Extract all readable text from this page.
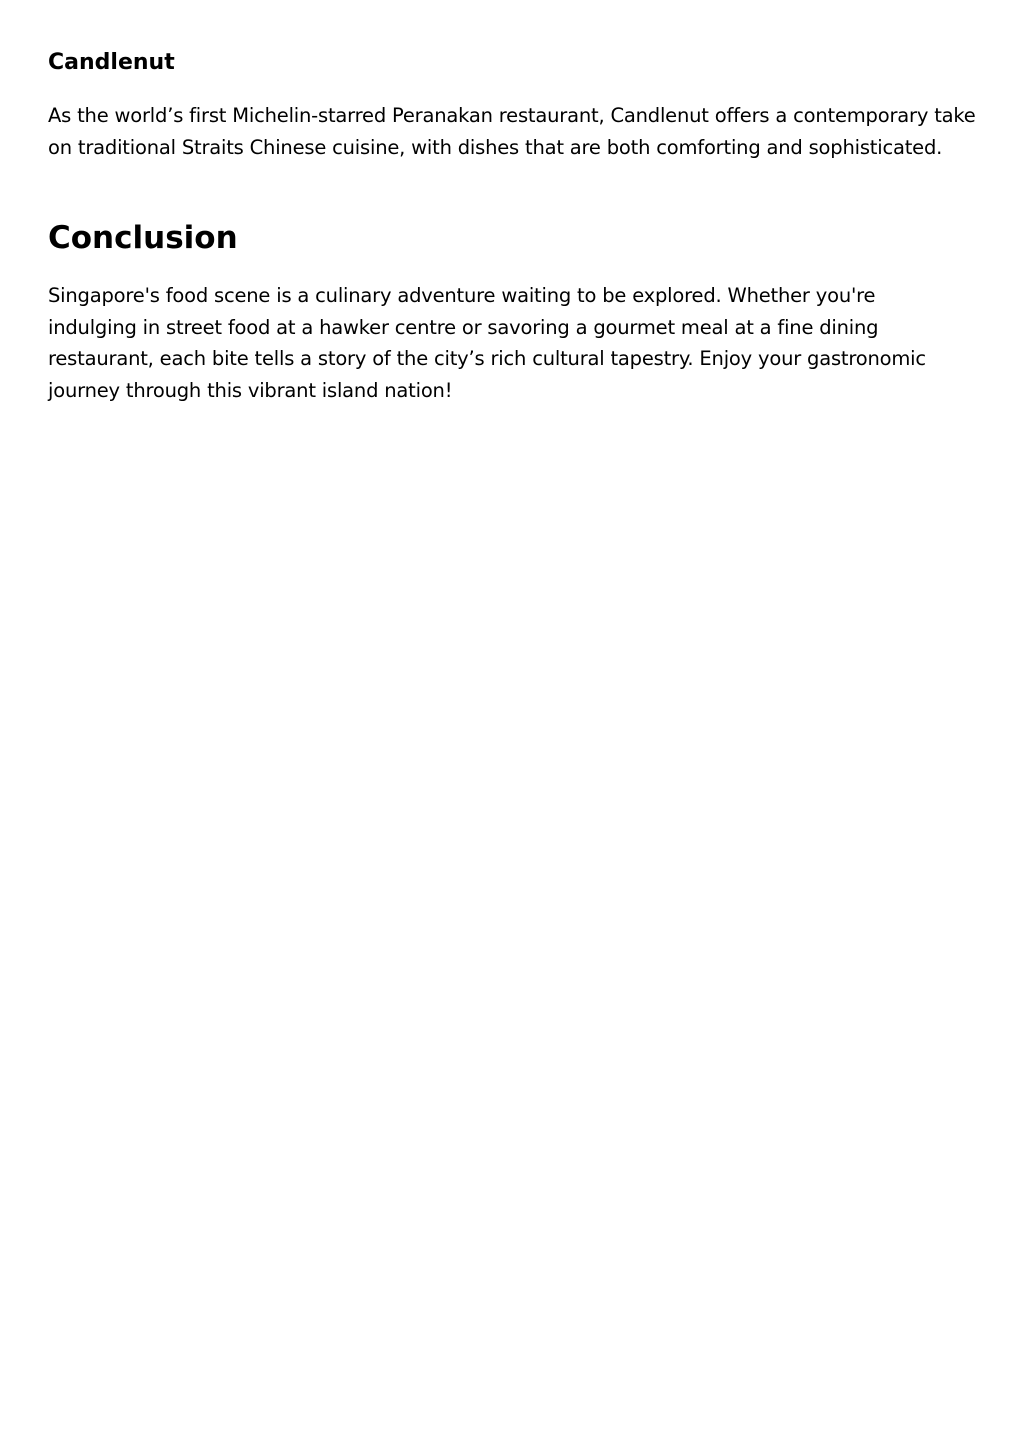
Candlenut

As the world’s first Michelin-starred Peranakan restaurant, Candlenut offers a contemporary take on traditional Straits Chinese cuisine, with dishes that are both comforting and sophisticated.

Conclusion

Singapore's food scene is a culinary adventure waiting to be explored. Whether you're indulging in street food at a hawker centre or savoring a gourmet meal at a fine dining restaurant, each bite tells a story of the city’s rich cultural tapestry. Enjoy your gastronomic journey through this vibrant island nation!
